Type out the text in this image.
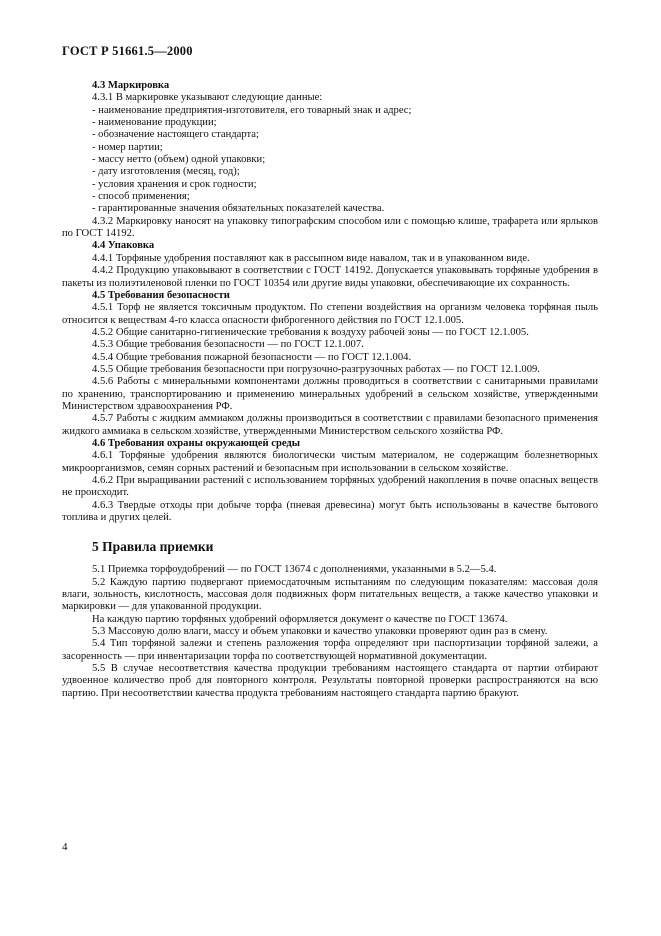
ГОСТ Р 51661.5—2000
4.3 Маркировка

4.3.1 В маркировке указывают следующие данные:

- наименование предприятия-изготовителя, его товарный знак и адрес;
- наименование продукции;
- обозначение настоящего стандарта;
- номер партии;
- массу нетто (объем) одной упаковки;
- дату изготовления (месяц, год);
- условия хранения и срок годности;
- способ применения;
- гарантированные значения обязательных показателей качества.

4.3.2 Маркировку наносят на упаковку типографским способом или с помощью клише, трафарета или ярлыков по ГОСТ 14192.

4.4 Упаковка

4.4.1 Торфяные удобрения поставляют как в рассыпном виде навалом, так и в упакованном виде.

4.4.2 Продукцию упаковывают в соответствии с ГОСТ 14192. Допускается упаковывать торфяные удобрения в пакеты из полиэтиленовой пленки по ГОСТ 10354 или другие виды упаковки, обеспечивающие их сохранность.

4.5 Требования безопасности

4.5.1 Торф не является токсичным продуктом. По степени воздействия на организм человека торфяная пыль относится к веществам 4-го класса опасности фиброгенного действия по ГОСТ 12.1.005.

4.5.2 Общие санитарно-гигиенические требования к воздуху рабочей зоны — по ГОСТ 12.1.005.

4.5.3 Общие требования безопасности — по ГОСТ 12.1.007.

4.5.4 Общие требования пожарной безопасности — по ГОСТ 12.1.004.

4.5.5 Общие требования безопасности при погрузочно-разгрузочных работах — по ГОСТ 12.1.009.

4.5.6 Работы с минеральными компонентами должны проводиться в соответствии с санитарными правилами по хранению, транспортированию и применению минеральных удобрений в сельском хозяйстве, утвержденными Министерством здравоохранения РФ.

4.5.7 Работы с жидким аммиаком должны производиться в соответствии с правилами безопасного применения жидкого аммиака в сельском хозяйстве, утвержденными Министерством сельского хозяйства РФ.

4.6 Требования охраны окружающей среды

4.6.1 Торфяные удобрения являются биологически чистым материалом, не содержащим болезнетворных микроорганизмов, семян сорных растений и безопасным при использовании в сельском хозяйстве.

4.6.2 При выращивании растений с использованием торфяных удобрений накопления в почве опасных веществ не происходит.

4.6.3 Твердые отходы при добыче торфа (пневая древесина) могут быть использованы в качестве бытового топлива и других целей.

5 Правила приемки

5.1 Приемка торфоудобрений — по ГОСТ 13674 с дополнениями, указанными в 5.2—5.4.

5.2 Каждую партию подвергают приемосдаточным испытаниям по следующим показателям: массовая доля влаги, зольность, кислотность, массовая доля подвижных форм питательных веществ, а также качество упаковки и маркировки — для упакованной продукции.

На каждую партию торфяных удобрений оформляется документ о качестве по ГОСТ 13674.

5.3 Массовую долю влаги, массу и объем упаковки и качество упаковки проверяют один раз в смену.

5.4 Тип торфяной залежи и степень разложения торфа определяют при паспортизации торфяной залежи, а засоренность — при инвентаризации торфа по соответствующей нормативной документации.

5.5 В случае несоответствия качества продукции требованиям настоящего стандарта от партии отбирают удвоенное количество проб для повторного контроля. Результаты повторной проверки распространяются на всю партию. При несоответствии качества продукта требованиям настоящего стандарта партию бракуют.

4
